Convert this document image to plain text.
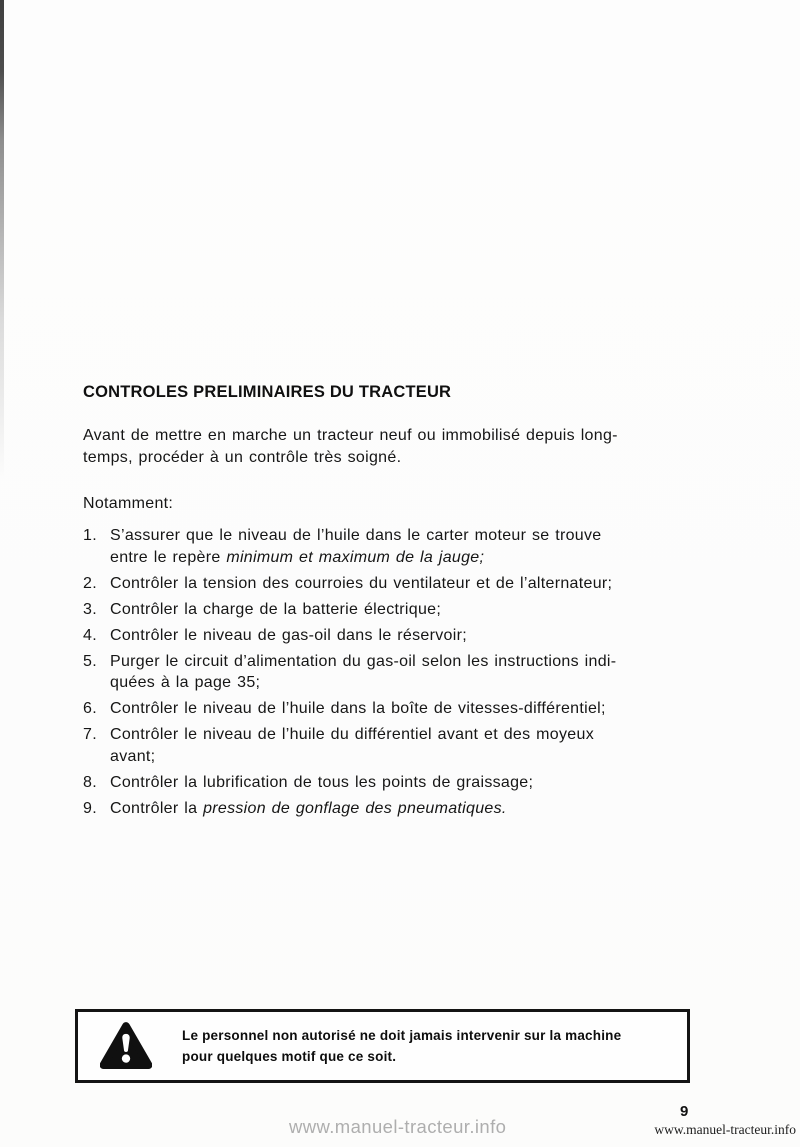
CONTROLES PRELIMINAIRES DU TRACTEUR

Avant de mettre en marche un tracteur neuf ou immobilisé depuis long-
temps, procéder à un contrôle très soigné.

Notamment:

1. S’assurer que le niveau de l’huile dans le carter moteur se trouve
entre le repère minimum et maximum de la jauge;
2. Contrôler la tension des courroies du ventilateur et de l’alternateur;
3. Contrôler la charge de la batterie électrique;
4. Contrôler le niveau de gas-oil dans le réservoir;
5. Purger le circuit d’alimentation du gas-oil selon les instructions indi-
quées à la page 35;
6. Contrôler le niveau de l’huile dans la boîte de vitesses-différentiel;
7. Contrôler le niveau de l’huile du différentiel avant et des moyeux
avant;
8. Contrôler la lubrification de tous les points de graissage;
9. Contrôler la pression de gonflage des pneumatiques.
Le personnel non autorisé ne doit jamais intervenir sur la machine
pour quelques motif que ce soit.
9
www.manuel-tracteur.info	www.manuel-tracteur.info
